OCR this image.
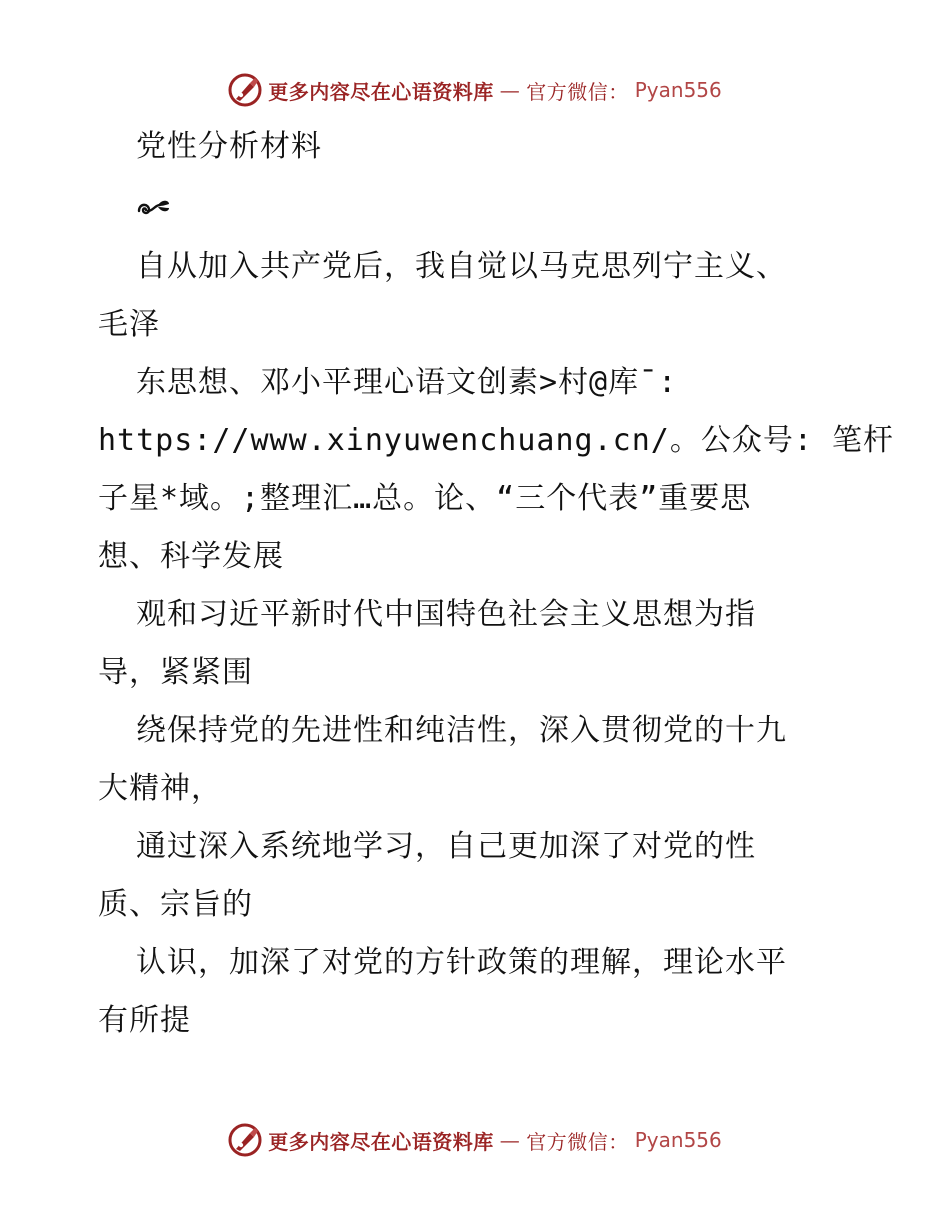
更多内容尽在心语资料库 — 官方微信： Pyan556
党性分析材料
自从加入共产党后，我自觉以马克思列宁主义、
毛泽
东思想、邓小平理心语文创素>村@库¯:
https://www.xinyuwenchuang.cn/。公众号: 笔杆
子星*域。;整理汇…总。论、“三个代表”重要思
想、科学发展
观和习近平新时代中国特色社会主义思想为指
导，紧紧围
绕保持党的先进性和纯洁性，深入贯彻党的十九
大精神，
通过深入系统地学习，自己更加深了对党的性
质、宗旨的
认识，加深了对党的方针政策的理解，理论水平
有所提
更多内容尽在心语资料库 — 官方微信： Pyan556
